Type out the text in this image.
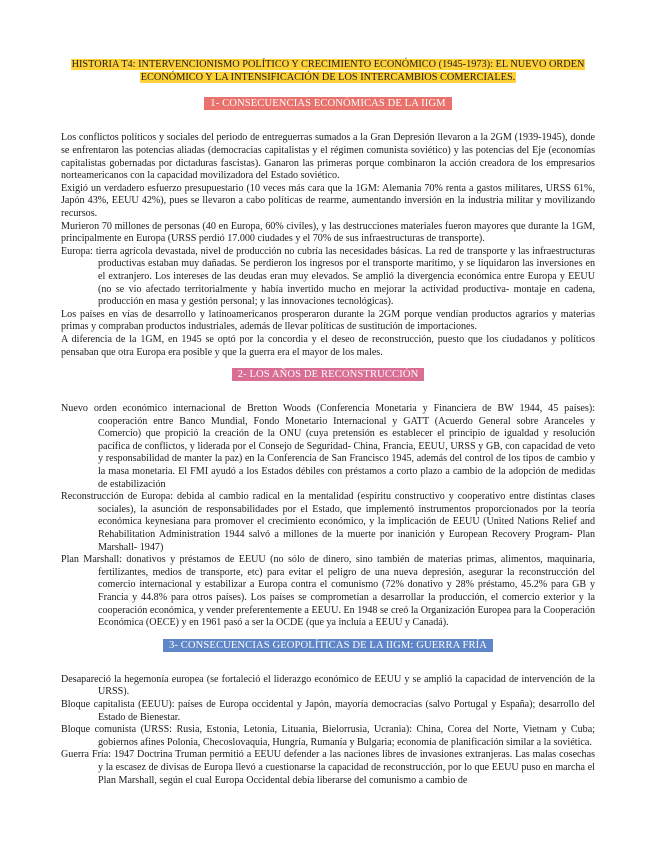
HISTORIA T4: INTERVENCIONISMO POLÍTICO Y CRECIMIENTO ECONÓMICO (1945-1973): EL NUEVO ORDEN ECONÓMICO Y LA INTENSIFICACIÓN DE LOS INTERCAMBIOS COMERCIALES.
1- CONSECUENCIAS ECONÓMICAS DE LA IIGM

Los conflictos políticos y sociales del periodo de entreguerras sumados a la Gran Depresión llevaron a la 2GM (1939-1945), donde se enfrentaron las potencias aliadas (democracias capitalistas y el régimen comunista soviético) y las potencias del Eje (economías capitalistas gobernadas por dictaduras fascistas). Ganaron las primeras porque combinaron la acción creadora de los empresarios norteamericanos con la capacidad movilizadora del Estado soviético.

Exigió un verdadero esfuerzo presupuestario (10 veces más cara que la 1GM: Alemania 70% renta a gastos militares, URSS 61%, Japón 43%, EEUU 42%), pues se llevaron a cabo políticas de rearme, aumentando inversión en la industria militar y movilizando recursos.

Murieron 70 millones de personas (40 en Europa, 60% civiles), y las destrucciones materiales fueron mayores que durante la 1GM, principalmente en Europa (URSS perdió 17.000 ciudades y el 70% de sus infraestructuras de transporte).

Europa: tierra agrícola devastada, nivel de producción no cubría las necesidades básicas. La red de transporte y las infraestructuras productivas estaban muy dañadas. Se perdieron los ingresos por el transporte marítimo, y se liquidaron las inversiones en el extranjero. Los intereses de las deudas eran muy elevados. Se amplió la divergencia económica entre Europa y EEUU (no se vio afectado territorialmente y había invertido mucho en mejorar la actividad productiva- montaje en cadena, producción en masa y gestión personal; y las innovaciones tecnológicas).

Los países en vías de desarrollo y latinoamericanos prosperaron durante la 2GM porque vendían productos agrarios y materias primas y compraban productos industriales, además de llevar políticas de sustitución de importaciones.

A diferencia de la 1GM, en 1945 se optó por la concordia y el deseo de reconstrucción, puesto que los ciudadanos y políticos pensaban que otra Europa era posible y que la guerra era el mayor de los males.

2- LOS AÑOS DE RECONSTRUCCIÓN

Nuevo orden económico internacional de Bretton Woods (Conferencia Monetaria y Financiera de BW 1944, 45 países): cooperación entre Banco Mundial, Fondo Monetario Internacional y GATT (Acuerdo General sobre Aranceles y Comercio) que propició la creación de la ONU (cuya pretensión es establecer el principio de igualdad y resolución pacífica de conflictos, y liderada por el Consejo de Seguridad- China, Francia, EEUU, URSS y GB, con capacidad de veto y responsabilidad de manter la paz) en la Conferencia de San Francisco 1945, además del control de los tipos de cambio y la masa monetaria. El FMI ayudó a los Estados débiles con préstamos a corto plazo a cambio de la adopción de medidas de estabilización

Reconstrucción de Europa: debida al cambio radical en la mentalidad (espíritu constructivo y cooperativo entre distintas clases sociales), la asunción de responsabilidades por el Estado, que implementó instrumentos proporcionados por la teoría económica keynesiana para promover el crecimiento económico, y la implicación de EEUU (United Nations Relief and Rehabilitation Administration 1944 salvó a millones de la muerte por inanición y European Recovery Program- Plan Marshall- 1947)

Plan Marshall: donativos y préstamos de EEUU (no sólo de dinero, sino también de materias primas, alimentos, maquinaria, fertilizantes, medios de transporte, etc) para evitar el peligro de una nueva depresión, asegurar la reconstrucción del comercio internacional y estabilizar a Europa contra el comunismo (72% donativo y 28% préstamo, 45.2% para GB y Francia y 44.8% para otros países). Los países se comprometían a desarrollar la producción, el comercio exterior y la cooperación económica, y vender preferentemente a EEUU. En 1948 se creó la Organización Europea para la Cooperación Económica (OECE) y en 1961 pasó a ser la OCDE (que ya incluía a EEUU y Canadá).

3- CONSECUENCIAS GEOPOLÍTICAS DE LA IIGM: GUERRA FRÍA

Desapareció la hegemonía europea (se fortaleció el liderazgo económico de EEUU y se amplió la capacidad de intervención de la URSS).

Bloque capitalista (EEUU): países de Europa occidental y Japón, mayoría democracias (salvo Portugal y España); desarrollo del Estado de Bienestar.

Bloque comunista (URSS: Rusia, Estonia, Letonia, Lituania, Bielorrusia, Ucrania): China, Corea del Norte, Vietnam y Cuba; gobiernos afines Polonia, Checoslovaquia, Hungría, Rumanía y Bulgaria; economía de planificación similar a la soviética.

Guerra Fría: 1947 Doctrina Truman permitió a EEUU defender a las naciones libres de invasiones extranjeras. Las malas cosechas y la escasez de divisas de Europa llevó a cuestionarse la capacidad de reconstrucción, por lo que EEUU puso en marcha el Plan Marshall, según el cual Europa Occidental debía liberarse del comunismo a cambio de
